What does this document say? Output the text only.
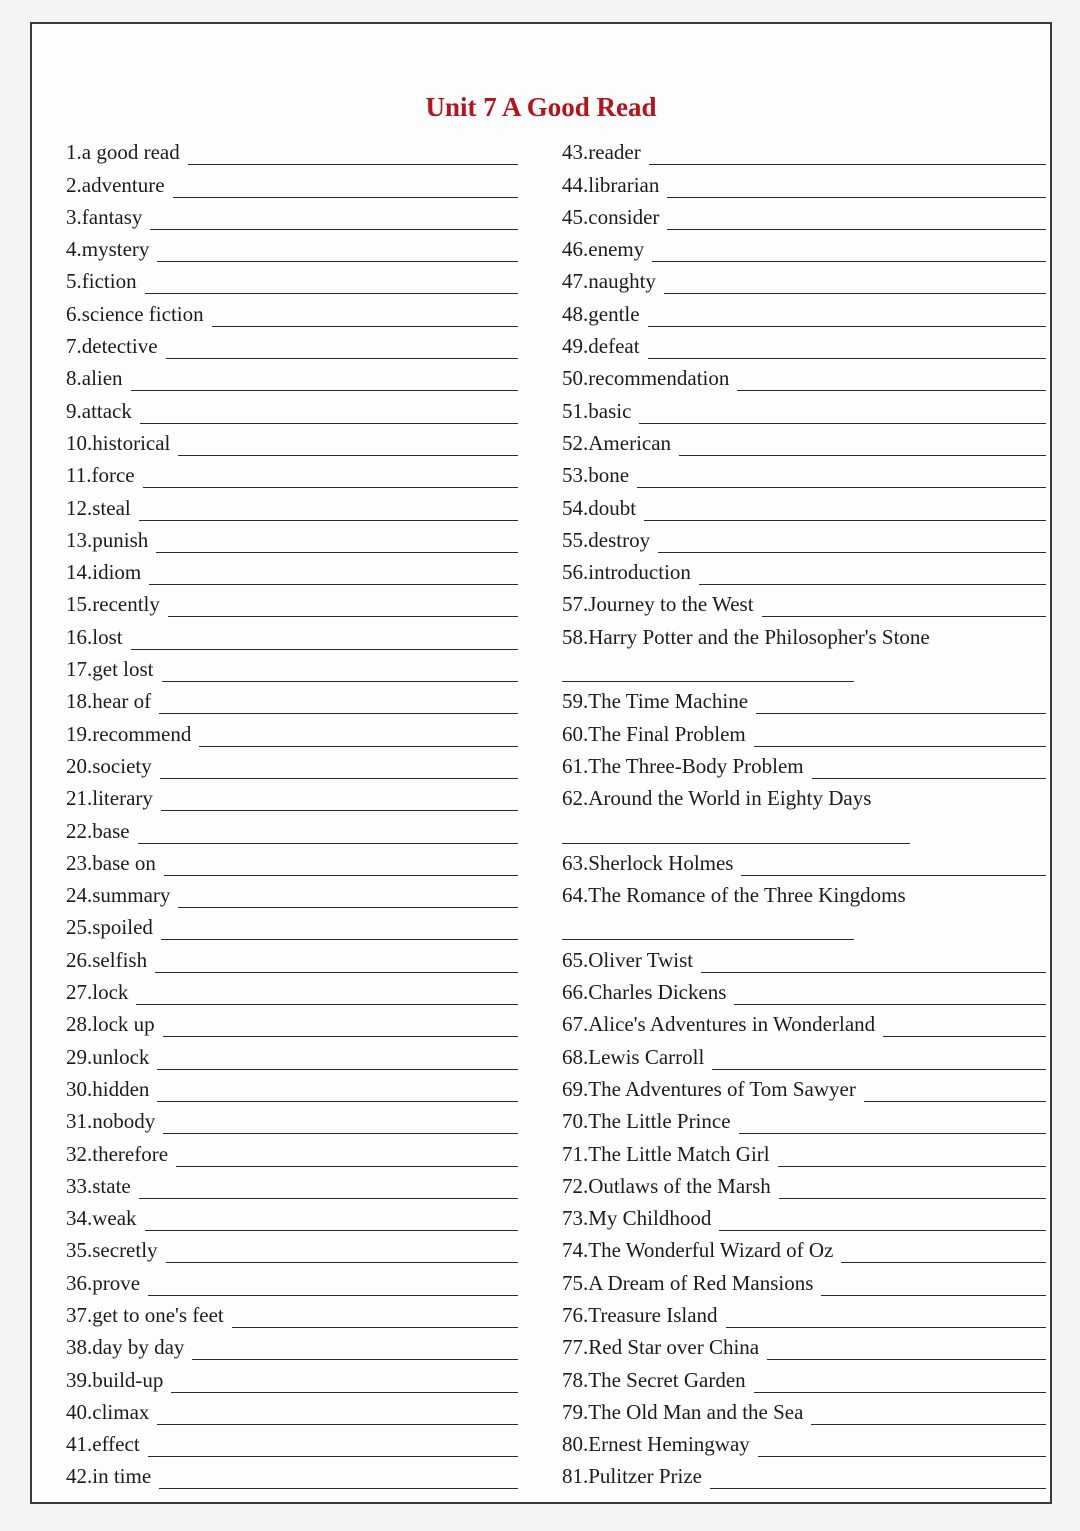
Unit 7 A Good Read
1.a good read
2.adventure
3.fantasy
4.mystery
5.fiction
6.science fiction
7.detective
8.alien
9.attack
10.historical
11.force
12.steal
13.punish
14.idiom
15.recently
16.lost
17.get lost
18.hear of
19.recommend
20.society
21.literary
22.base
23.base on
24.summary
25.spoiled
26.selfish
27.lock
28.lock up
29.unlock
30.hidden
31.nobody
32.therefore
33.state
34.weak
35.secretly
36.prove
37.get to one's feet
38.day by day
39.build-up
40.climax
41.effect
42.in time
43.reader
44.librarian
45.consider
46.enemy
47.naughty
48.gentle
49.defeat
50.recommendation
51.basic
52.American
53.bone
54.doubt
55.destroy
56.introduction
57.Journey to the West
58.Harry Potter and the Philosopher's Stone
59.The Time Machine
60.The Final Problem
61.The Three-Body Problem
62.Around the World in Eighty Days
63.Sherlock Holmes
64.The Romance of the Three Kingdoms
65.Oliver Twist
66.Charles Dickens
67.Alice's Adventures in Wonderland
68.Lewis Carroll
69.The Adventures of Tom Sawyer
70.The Little Prince
71.The Little Match Girl
72.Outlaws of the Marsh
73.My Childhood
74.The Wonderful Wizard of Oz
75.A Dream of Red Mansions
76.Treasure Island
77.Red Star over China
78.The Secret Garden
79.The Old Man and the Sea
80.Ernest Hemingway
81.Pulitzer Prize
